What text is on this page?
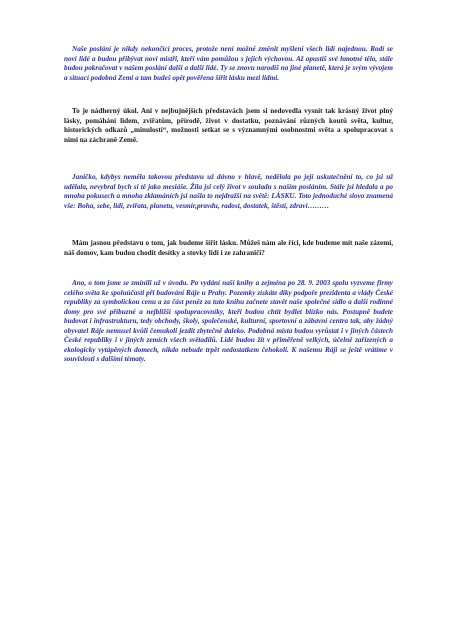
Naše poslání je nikdy nekončící proces, protože není možné změnit myšlení všech lidí najednou. Rodí se noví lidé a budou přibývat noví mistři, kteří vám pomůžou s jejich výchovou. Až opustíš své hmotné tělo, stále budou pokračovat v našem poslání další a další lidé. Ty se znovu narodíš na jiné planetě, která je svým vývojem a situací podobná Zemi a tam budeš opět pověřena šířit lásku mezi lidmi.

To je nádherný úkol. Ani v nejbujnějších představách jsem si nedovedla vysnít tak krásný život plný lásky, pomáhání lidem, zvířatům, přírodě, život v dostatku, poznávání různých koutů světa, kultur, historických odkazů „minulostí“, možnosti setkat se s významnými osobnostmi světa a spolupracovat s nimi na záchraně Země.

Janičko, kdybys neměla takovou představu už dávno v hlavě, nedělala po její uskutečnění to, co jsi už udělala, nevybral bych si tě jako mesiáše. Žila jsi celý život v souladu s naším posláním. Stále jsi hledala a po mnoha pokusech a mnoha zklamáních jsi našla to nejdražší na světě: LÁSKU. Toto jednoduché slovo znamená vše: Boha, sebe, lidi, zvířata, planetu, vesmír,pravdu, radost, dostatek, štěstí, zdraví………

Mám jasnou představu o tom, jak budeme šířit lásku. Můžeš nám ale říci, kde budeme mít naše zázemí, náš domov, kam budou chodit desítky a stovky lidí i ze zahraničí?

Ano, o tom jsme se zmínili už v úvodu. Po vydání naší knihy a zejména po 28. 9. 2003 spolu vyzveme firmy celého světa ke spoluúčasti při budování Ráje u Prahy. Pozemky získáte díky podpoře prezidenta a vlády České republiky za symbolickou cenu a za část peněz za tuto knihu začnete stavět naše společné sídlo a další rodinné domy pro své příbuzné a nejbližší spolupracovníky, kteří budou chtít bydlet blízko nás. Postupně budete budovat i infrastrukturu, tedy obchody, školy, společenské, kulturní, sportovní a zábavní centra tak, aby žádný obyvatel Ráje nemusel kvůli čemukoli jezdit zbytečně daleko. Podobná místa budou vyrůstat i v jiných částech České republiky i v jiných zemích všech světadílů. Lidé budou žít v přiměřeně velkých, účelně zařízených a ekologicky vytápěných domech, nikdo nebude trpět nedostatkem čehokoli. K našemu Ráji se ještě vrátíme v souvislosti s dalšími tématy.
